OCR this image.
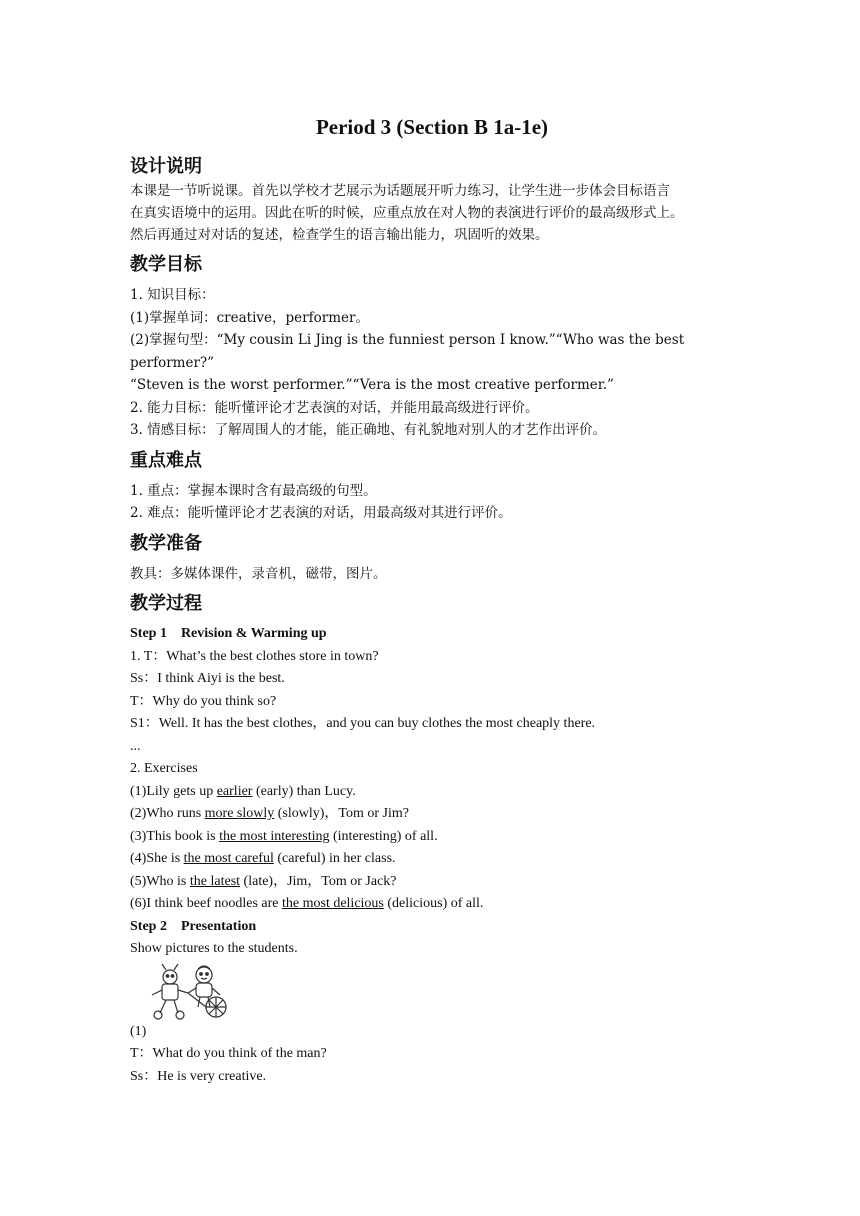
Period 3 (Section B 1a-1e)
设计说明

本课是一节听说课。首先以学校才艺展示为话题展开听力练习，让学生进一步体会目标语言

在真实语境中的运用。因此在听的时候，应重点放在对人物的表演进行评价的最高级形式上。

然后再通过对对话的复述，检查学生的语言输出能力，巩固听的效果。

教学目标

1. 知识目标：

(1)掌握单词：creative，performer。

(2)掌握句型：“My cousin Li Jing is the funniest person I know.”“Who was the best performer?”

“Steven is the worst performer.”“Vera is the most creative performer.”

2. 能力目标：能听懂评论才艺表演的对话，并能用最高级进行评价。

3. 情感目标：了解周围人的才能，能正确地、有礼貌地对别人的才艺作出评价。

重点难点

1. 重点：掌握本课时含有最高级的句型。

2. 难点：能听懂评论才艺表演的对话，用最高级对其进行评价。

教学准备

教具：多媒体课件，录音机，磁带，图片。

教学过程

Step 1　Revision & Warming up

1. T：What’s the best clothes store in town?

Ss：I think Aiyi is the best.

T：Why do you think so?

S1：Well. It has the best clothes，and you can buy clothes the most cheaply there.

...

2. Exercises

(1)Lily gets up earlier (early) than Lucy.

(2)Who runs more slowly (slowly)，Tom or Jim?

(3)This book is the most interesting (interesting) of all.

(4)She is the most careful (careful) in her class.

(5)Who is the latest (late)，Jim，Tom or Jack?

(6)I think beef noodles are the most delicious (delicious) of all.

Step 2　Presentation

Show pictures to the students.

(1)

T：What do you think of the man?

Ss：He is very creative.
